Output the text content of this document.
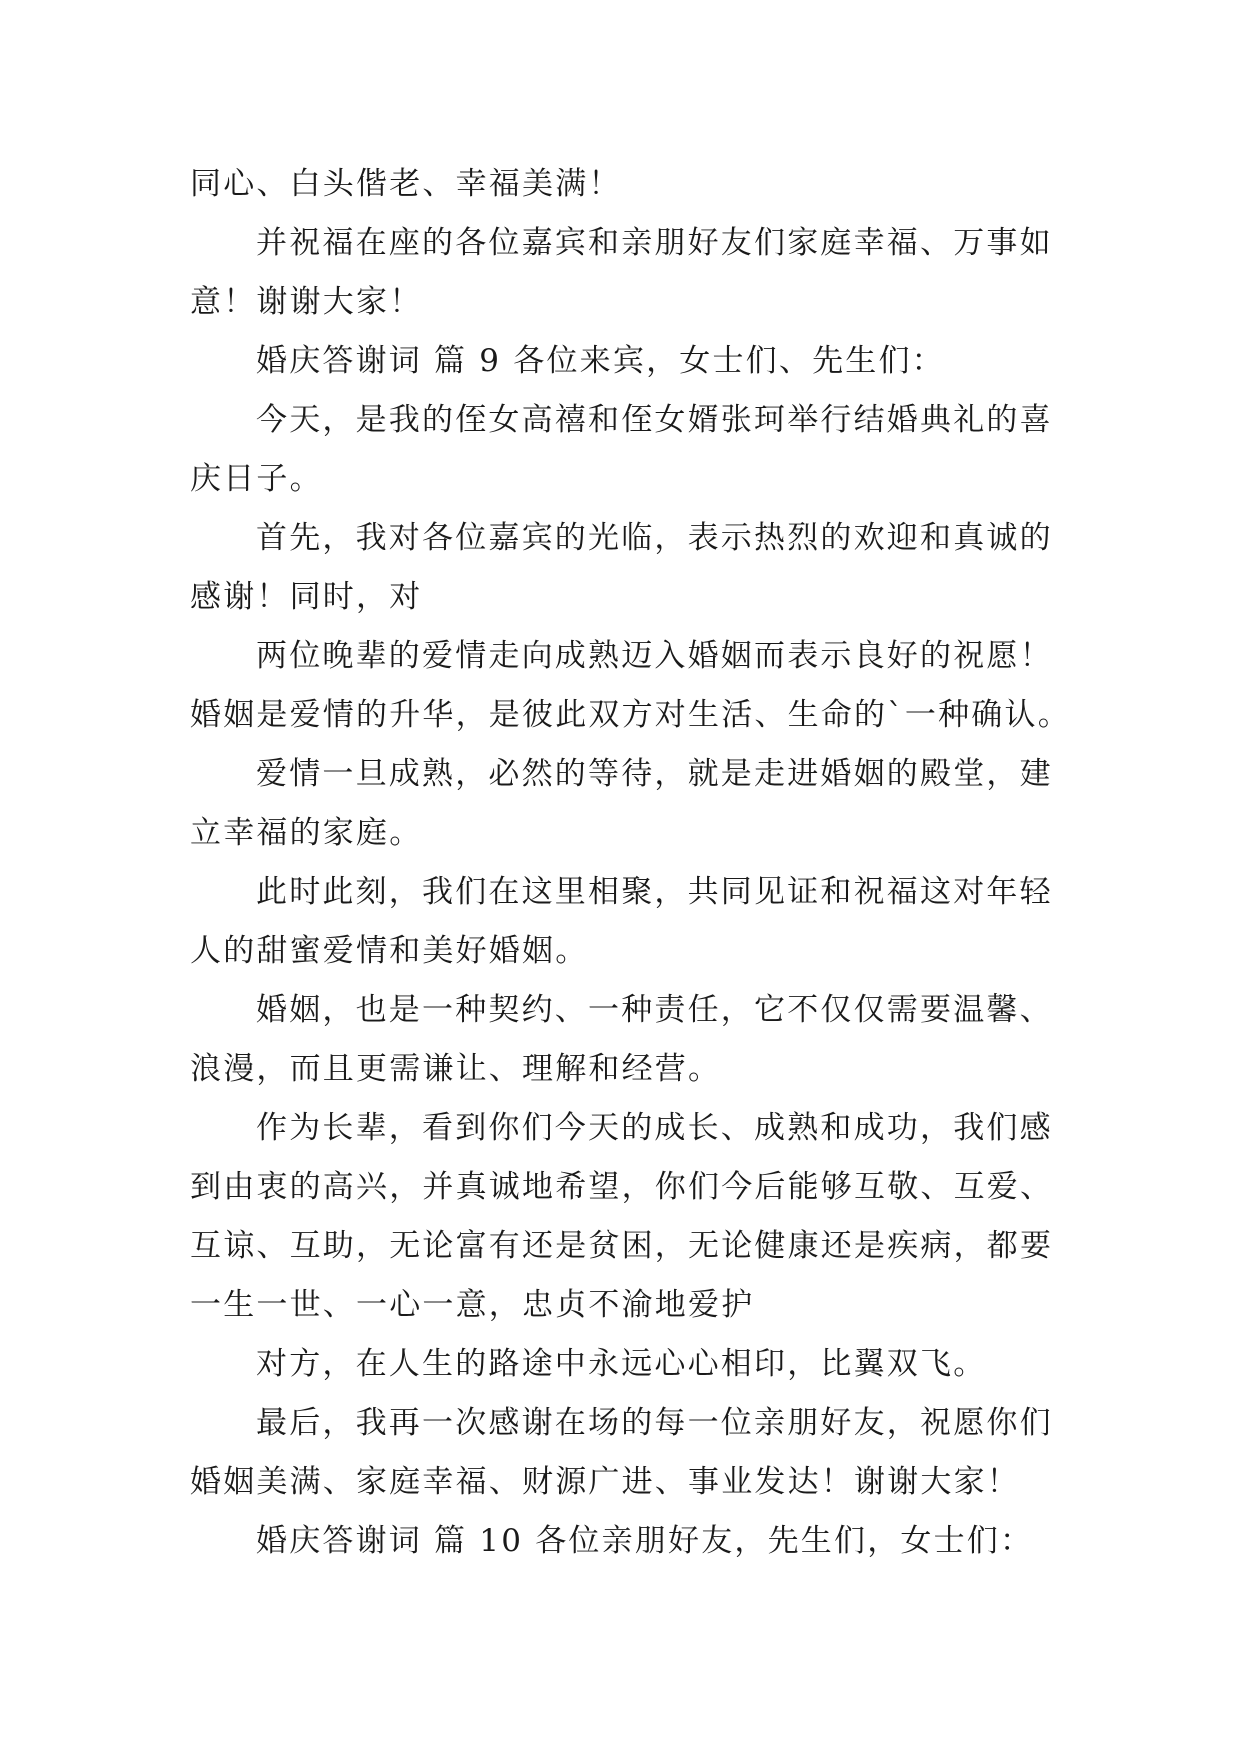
同心、白头偕老、幸福美满！
并祝福在座的各位嘉宾和亲朋好友们家庭幸福、万事如
意！谢谢大家！
婚庆答谢词 篇 9 各位来宾，女士们、先生们：
今天，是我的侄女高禧和侄女婿张珂举行结婚典礼的喜
庆日子。
首先，我对各位嘉宾的光临，表示热烈的欢迎和真诚的
感谢！同时，对
两位晚辈的爱情走向成熟迈入婚姻而表示良好的祝愿！
婚姻是爱情的升华，是彼此双方对生活、生命的`一种确认。
爱情一旦成熟，必然的等待，就是走进婚姻的殿堂，建
立幸福的家庭。
此时此刻，我们在这里相聚，共同见证和祝福这对年轻
人的甜蜜爱情和美好婚姻。
婚姻，也是一种契约、一种责任，它不仅仅需要温馨、
浪漫，而且更需谦让、理解和经营。
作为长辈，看到你们今天的成长、成熟和成功，我们感
到由衷的高兴，并真诚地希望，你们今后能够互敬、互爱、
互谅、互助，无论富有还是贫困，无论健康还是疾病，都要
一生一世、一心一意，忠贞不渝地爱护
对方，在人生的路途中永远心心相印，比翼双飞。
最后，我再一次感谢在场的每一位亲朋好友，祝愿你们
婚姻美满、家庭幸福、财源广进、事业发达！谢谢大家！
婚庆答谢词 篇 10 各位亲朋好友，先生们，女士们：
